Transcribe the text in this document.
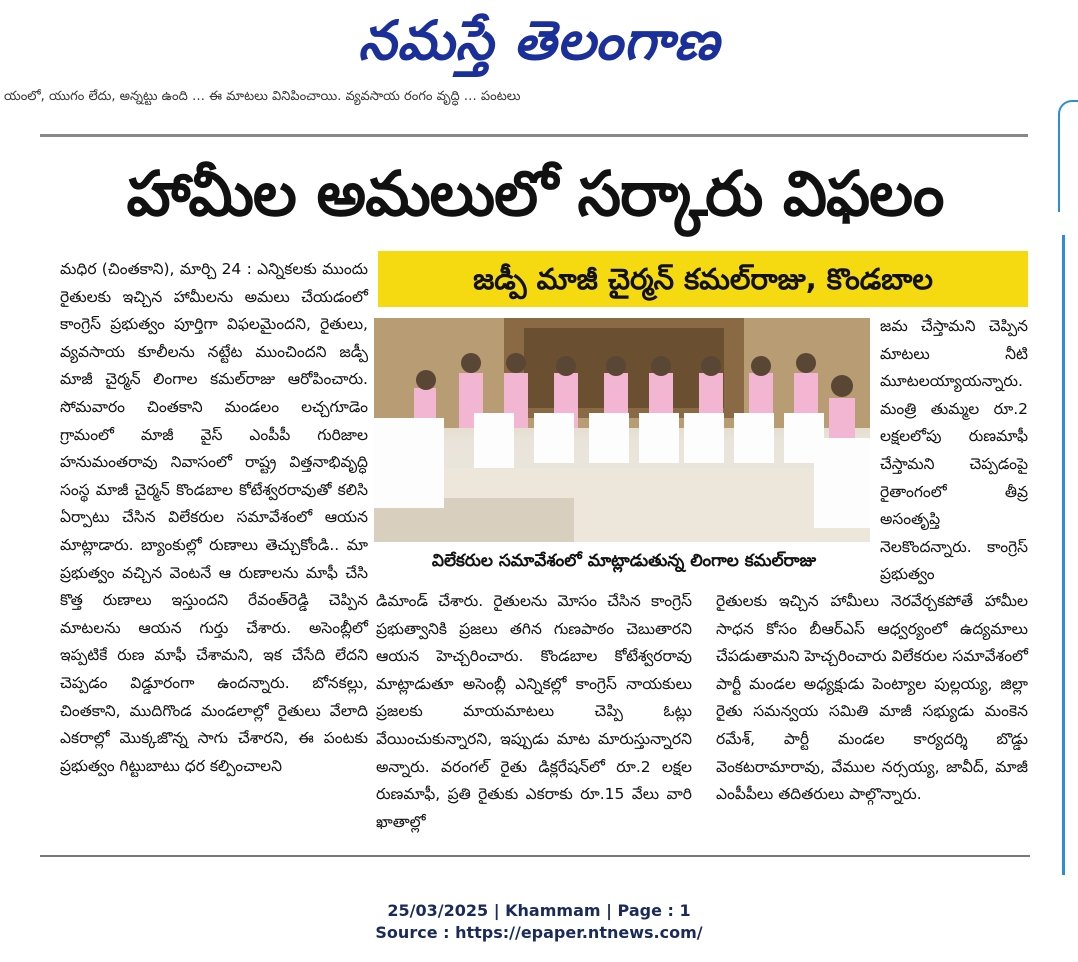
నమస్తే తెలంగాణ
యంలో, యుగం లేదు, అన్నట్టు ఉంది … ఈ మాటలు వినిపించాయి. వ్యవసాయ రంగం వృద్ధి … పంటలు
హామీల అమలులో సర్కారు విఫలం
జడ్పీ మాజీ చైర్మన్ కమల్‌రాజు, కొండబాల

మధిర (చింతకాని), మార్చి 24 : ఎన్నికలకు ముందు రైతులకు ఇచ్చిన హామీలను అమలు చేయడంలో కాంగ్రెస్ ప్రభుత్వం పూర్తిగా విఫలమైందని, రైతులు, వ్యవసాయ కూలీలను నట్టేట ముంచిందని జడ్పీ మాజీ చైర్మన్ లింగాల కమల్‌రాజు ఆరోపించారు. సోమవారం చింతకాని మండలం లచ్చగూడెం గ్రామంలో మాజీ వైస్ ఎంపీపీ గురిజాల హనుమంతరావు నివాసంలో రాష్ట్ర విత్తనాభివృద్ధి సంస్థ మాజీ చైర్మన్ కొండబాల కోటేశ్వరరావుతో కలిసి ఏర్పాటు చేసిన విలేకరుల సమావేశంలో ఆయన మాట్లాడారు. బ్యాంకుల్లో రుణాలు తెచ్చుకోండి.. మా ప్రభుత్వం వచ్చిన వెంటనే ఆ రుణాలను మాఫీ చేసి కొత్త రుణాలు ఇస్తుందని రేవంత్‌రెడ్డి చెప్పిన మాటలను ఆయన గుర్తు చేశారు. అసెంబ్లీలో ఇప్పటికే రుణ మాఫీ చేశామని, ఇక చేసేది లేదని చెప్పడం విడ్డూరంగా ఉందన్నారు. బోనకల్లు, చింతకాని, ముదిగొండ మండలాల్లో రైతులు వేలాది ఎకరాల్లో మొక్కజొన్న సాగు చేశారని, ఈ పంటకు ప్రభుత్వం గిట్టుబాటు ధర కల్పించాలని

విలేకరుల సమావేశంలో మాట్లాడుతున్న లింగాల కమల్‌రాజు

డిమాండ్ చేశారు. రైతులను మోసం చేసిన కాంగ్రెస్ ప్రభుత్వానికి ప్రజలు తగిన గుణపాఠం చెబుతారని ఆయన హెచ్చరించారు. కొండబాల కోటేశ్వరరావు మాట్లాడుతూ అసెంబ్లీ ఎన్నికల్లో కాంగ్రెస్ నాయకులు ప్రజలకు మాయమాటలు చెప్పి ఓట్లు వేయించుకున్నారని, ఇప్పుడు మాట మారుస్తున్నారని అన్నారు. వరంగల్ రైతు డిక్లరేషన్‌లో రూ.2 లక్షల రుణమాఫీ, ప్రతి రైతుకు ఎకరాకు రూ.15 వేలు వారి ఖాతాల్లో

రైతులకు ఇచ్చిన హామీలు నెరవేర్చకపోతే హామీల సాధన కోసం బీఆర్‌ఎస్ ఆధ్వర్యంలో ఉద్యమాలు చేపడుతామని హెచ్చరించారు విలేకరుల సమావేశంలో పార్టీ మండల అధ్యక్షుడు పెంట్యాల పుల్లయ్య, జిల్లా రైతు సమన్వయ సమితి మాజీ సభ్యుడు మంకెన రమేశ్, పార్టీ మండల కార్యదర్శి బొడ్డు వెంకటరామారావు, వేముల నర్సయ్య, జావీద్, మాజీ ఎంపీపీలు తదితరులు పాల్గొన్నారు.

జమ చేస్తామని చెప్పిన మాటలు నీటి మూటలయ్యాయన్నారు. మంత్రి తుమ్మల రూ.2 లక్షలలోపు రుణమాఫీ చేస్తామని చెప్పడంపై రైతాంగంలో తీవ్ర అసంతృప్తి నెలకొందన్నారు. కాంగ్రెస్ ప్రభుత్వం

25/03/2025 | Khammam | Page : 1
Source : https://epaper.ntnews.com/
